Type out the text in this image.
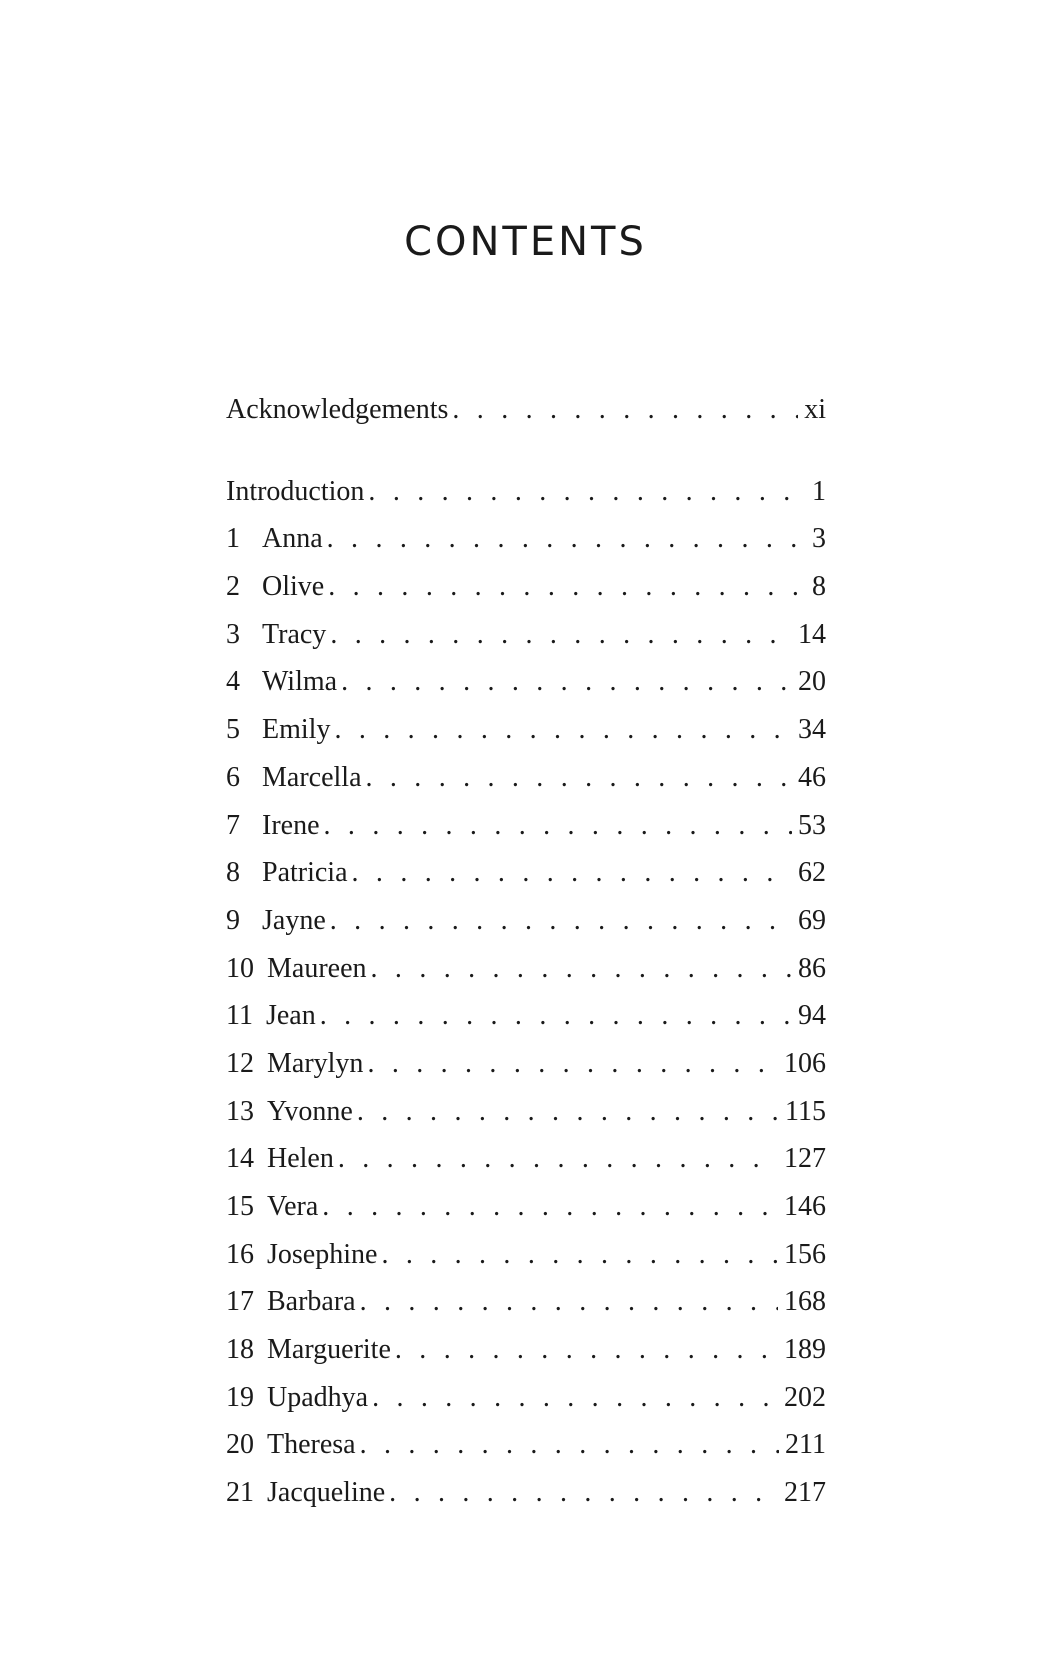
CONTENTS
Acknowledgements . . .	xi
Introduction . . .	1
1 Anna . . .	3
2 Olive . . .	8
3 Tracy . . .	14
4 Wilma . . .	20
5 Emily . . .	34
6 Marcella . . .	46
7 Irene . . .	53
8 Patricia . . .	62
9 Jayne . . .	69
10 Maureen . . .	86
11 Jean . . .	94
12 Marylyn . . .	106
13 Yvonne . . .	115
14 Helen . . .	127
15 Vera . . .	146
16 Josephine . . .	156
17 Barbara . . .	168
18 Marguerite . . .	189
19 Upadhya . . .	202
20 Theresa . . .	211
21 Jacqueline . . .	217
